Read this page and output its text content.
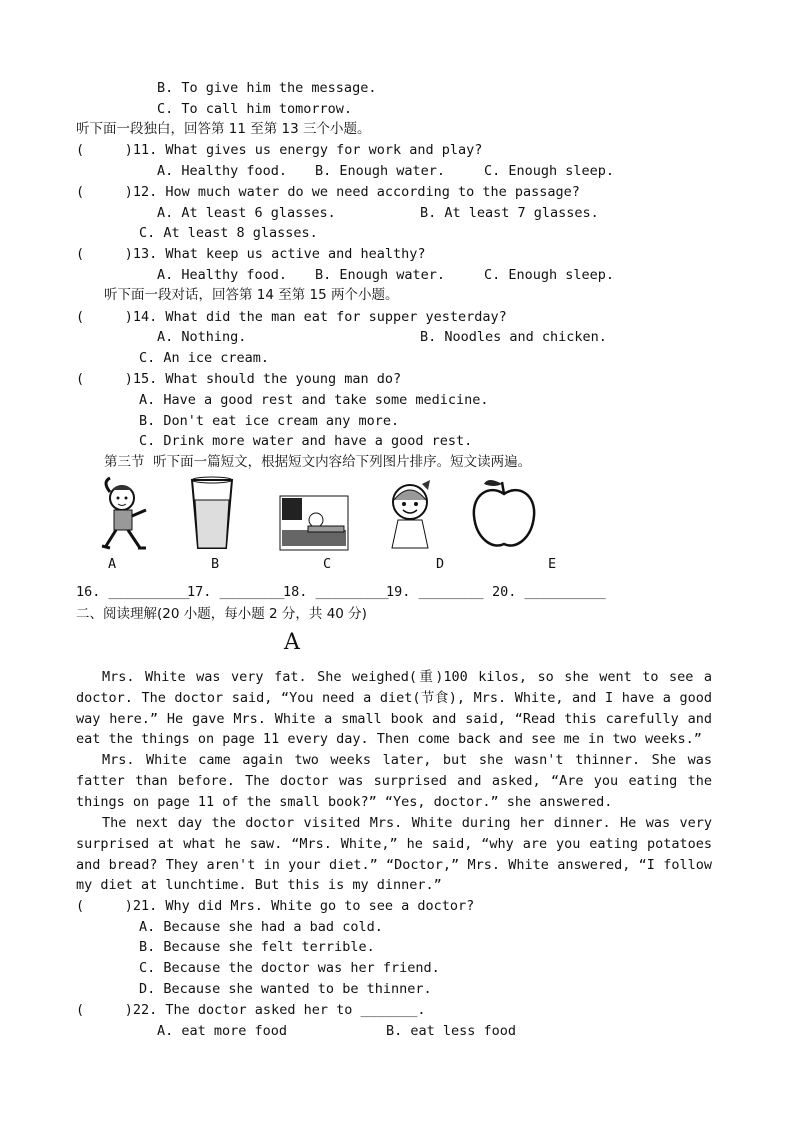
B. To give him the message.
C. To call him tomorrow.
听下面一段独白，回答第 11 至第 13 三个小题。
(     )11. What gives us energy for work and play?
A. Healthy food. B. Enough water.	C. Enough sleep.
(     )12. How much water do we need according to the passage?
A. At least 6 glasses.	B. At least 7 glasses.
C. At least 8 glasses.
(     )13. What keep us active and healthy?
A. Healthy food. B. Enough water.	C. Enough sleep.
听下面一段对话，回答第 14 至第 15 两个小题。
(     )14. What did the man eat for supper yesterday?
A. Nothing.	B. Noodles and chicken.
C. An ice cream.
(     )15. What should the young man do?
A. Have a good rest and take some medicine.
B. Don't eat ice cream any more.
C. Drink more water and have a good rest.
第三节  听下面一篇短文，根据短文内容给下列图片排序。短文读两遍。
A	B	C	D	E
16. __________
17. ________
18. _________
19. ________ 20. __________
二、阅读理解(20 小题，每小题 2 分，共 40 分)
A
Mrs. White was very fat. She weighed(重)100 kilos, so she went to see a doctor. The doctor said, “You need a diet(节食), Mrs. White, and I have a good way here.” He gave Mrs. White a small book and said, “Read this carefully and eat the things on page 11 every day. Then come back and see me in two weeks.”
Mrs. White came again two weeks later, but she wasn't thinner. She was fatter than before. The doctor was surprised and asked, “Are you eating the things on page 11 of the small book?” “Yes, doctor.” she answered.
The next day the doctor visited Mrs. White during her dinner. He was very surprised at what he saw. “Mrs. White,” he said, “why are you eating potatoes and bread? They aren't in your diet.” “Doctor,” Mrs. White answered, “I follow my diet at lunchtime. But this is my dinner.”
(     )21. Why did Mrs. White go to see a doctor?
A. Because she had a bad cold.
B. Because she felt terrible.
C. Because the doctor was her friend.
D. Because she wanted to be thinner.
(     )22. The doctor asked her to _______.
A. eat more food	B. eat less food
